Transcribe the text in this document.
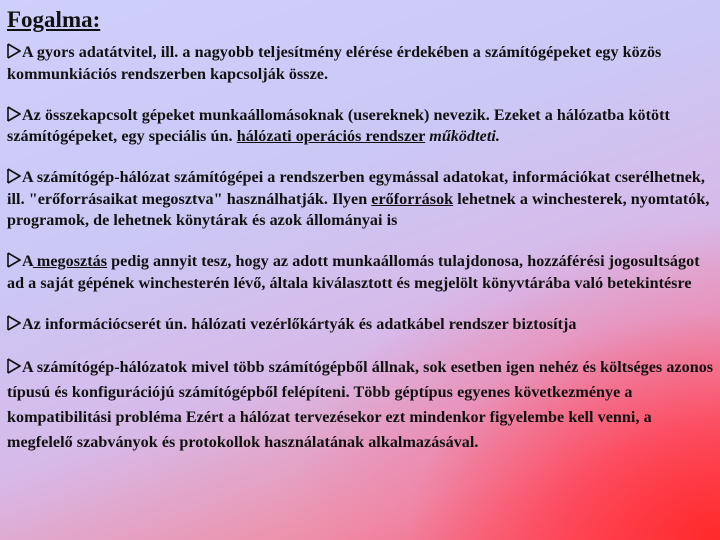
Fogalma:

A gyors adatátvitel, ill. a nagyobb teljesítmény elérése érdekében a számítógépeket egy közös kommunkiációs rendszerben kapcsolják össze.

Az összekapcsolt gépeket munkaállomásoknak (usereknek) nevezik. Ezeket a hálózatba kötött számítógépeket, egy speciális ún. hálózati operációs rendszer működteti.

A számítógép-hálózat számítógépei a rendszerben egymással adatokat, információkat cserélhetnek, ill. "erőforrásaikat megosztva" használhatják. Ilyen erőforrások lehetnek a winchesterek, nyomtatók, programok, de lehetnek könytárak és azok állományai is

A megosztás pedig annyit tesz, hogy az adott munkaállomás tulajdonosa, hozzáférési jogosultságot ad a saját gépének winchesterén lévő, általa kiválasztott és megjelölt könyvtárába való betekintésre

Az információcserét ún. hálózati vezérlőkártyák és adatkábel rendszer biztosítja

A számítógép-hálózatok mivel több számítógépből állnak, sok esetben igen nehéz és költséges azonos típusú és konfigurációjú számítógépből felépíteni. Több géptípus egyenes következménye a kompatibilitási probléma Ezért a hálózat tervezésekor ezt mindenkor figyelembe kell venni, a megfelelő szabványok és protokollok használatának alkalmazásával.
